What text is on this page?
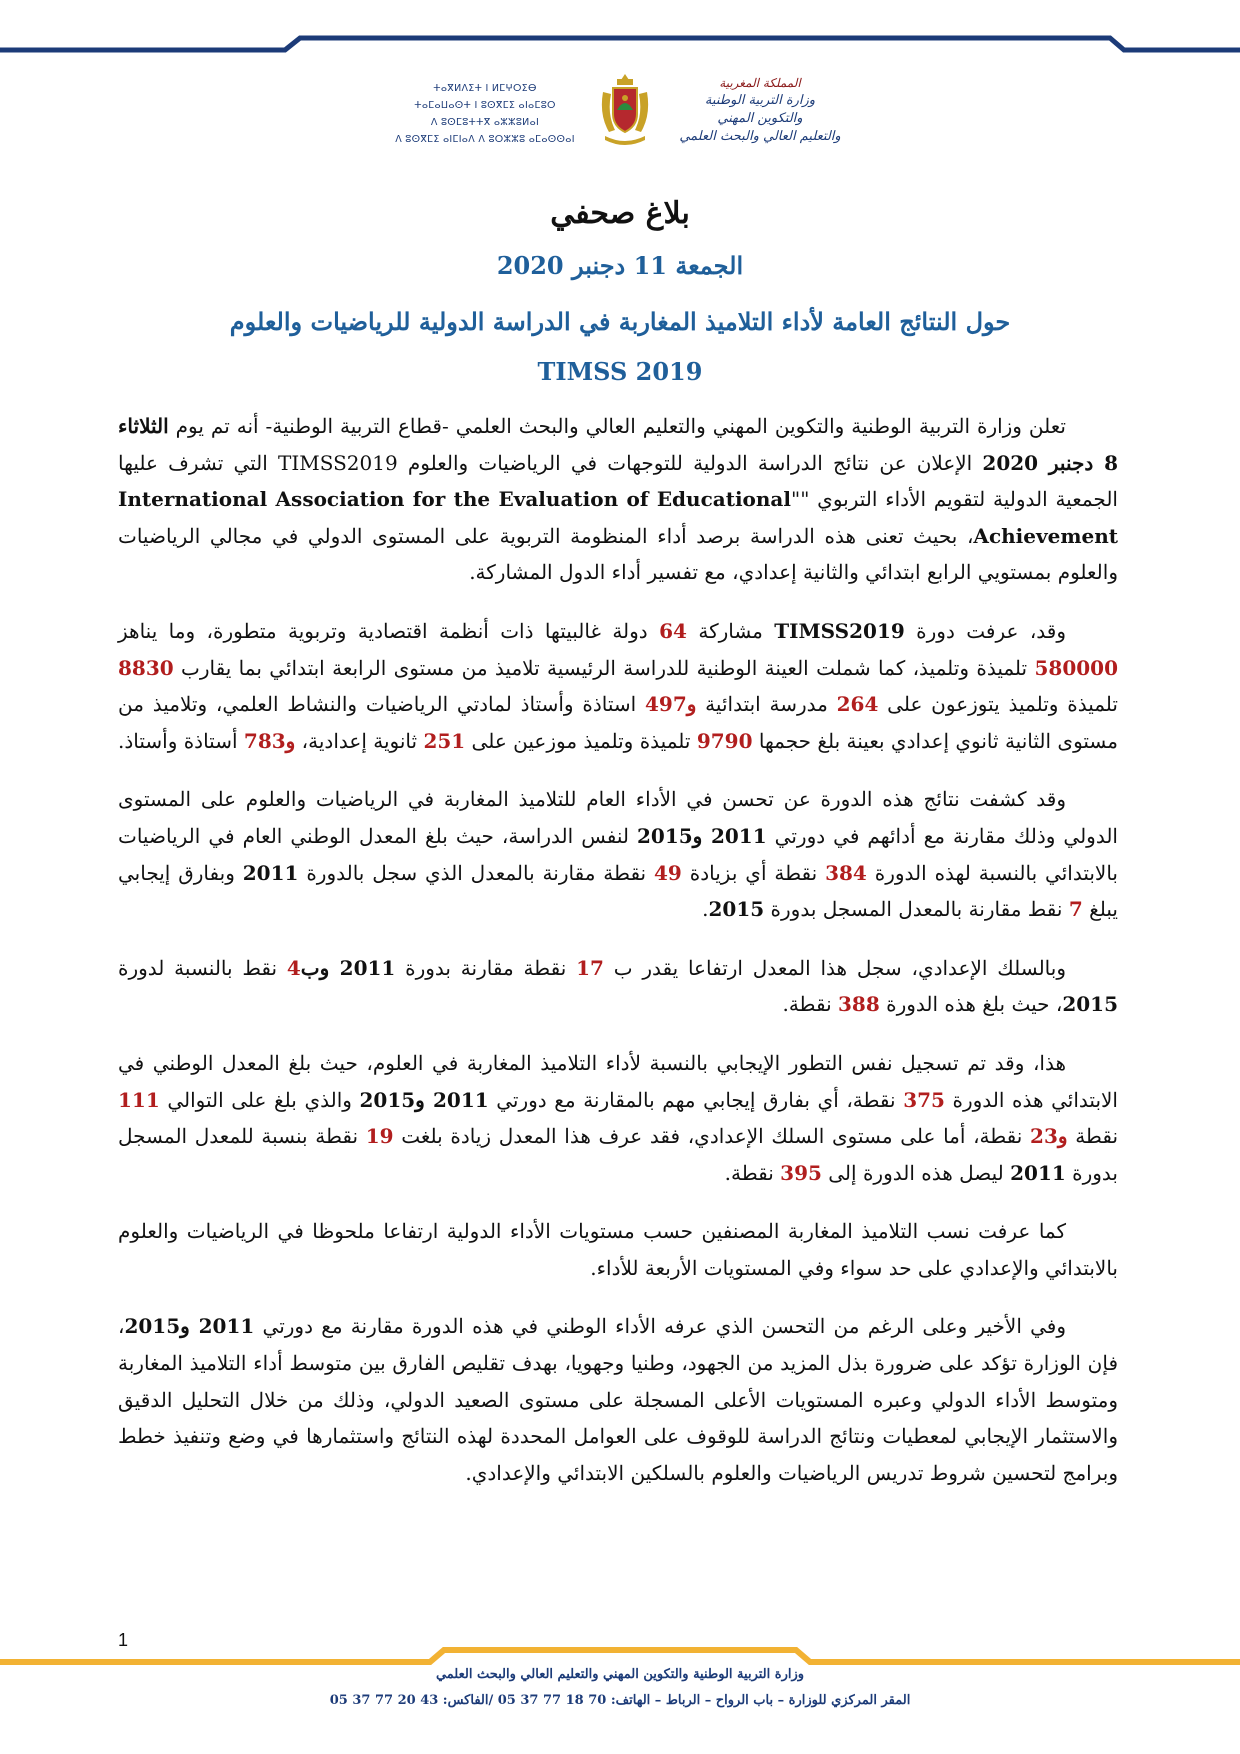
ⵜⴰⴳⵍⴷⵉⵜ ⵏ ⵍⵎⵖⵔⵉⴱ
ⵜⴰⵎⴰⵡⴰⵙⵜ ⵏ ⵓⵙⴳⵎⵉ ⴰⵏⴰⵎⵓⵔ
ⴷ ⵓⵙⵎⵓⵜⵜⴳ ⴰⵣⵣⵓⵍⴰⵏ
ⴷ ⵓⵙⴳⵎⵉ ⴰⵏⵎⵏⴰⴷ ⴷ ⵓⵔⵣⵣⵓ ⴰⵎⴰⵙⵙⴰⵏ
المملكة المغربية
وزارة التربية الوطنية
والتكوين المهني
والتعليم العالي والبحث العلمي
بلاغ صحفي
الجمعة 11 دجنبر 2020
حول النتائج العامة لأداء التلاميذ المغاربة في الدراسة الدولية للرياضيات والعلوم
TIMSS 2019

تعلن وزارة التربية الوطنية والتكوين المهني والتعليم العالي والبحث العلمي -قطاع التربية الوطنية- أنه تم يوم الثلاثاء 8 دجنبر 2020 الإعلان عن نتائج الدراسة الدولية للتوجهات في الرياضيات والعلوم TIMSS2019 التي تشرف عليها الجمعية الدولية لتقويم الأداء التربوي ""International Association for the Evaluation of Educational Achievement، بحيث تعنى هذه الدراسة برصد أداء المنظومة التربوية على المستوى الدولي في مجالي الرياضيات والعلوم بمستويي الرابع ابتدائي والثانية إعدادي، مع تفسير أداء الدول المشاركة.

وقد، عرفت دورة TIMSS2019 مشاركة 64 دولة غالبيتها ذات أنظمة اقتصادية وتربوية متطورة، وما يناهز 580000 تلميذة وتلميذ، كما شملت العينة الوطنية للدراسة الرئيسية تلاميذ من مستوى الرابعة ابتدائي بما يقارب 8830 تلميذة وتلميذ يتوزعون على 264 مدرسة ابتدائية و497 استاذة وأستاذ لمادتي الرياضيات والنشاط العلمي، وتلاميذ من مستوى الثانية ثانوي إعدادي بعينة بلغ حجمها 9790 تلميذة وتلميذ موزعين على 251 ثانوية إعدادية، و783 أستاذة وأستاذ.

وقد كشفت نتائج هذه الدورة عن تحسن في الأداء العام للتلاميذ المغاربة في الرياضيات والعلوم على المستوى الدولي وذلك مقارنة مع أدائهم في دورتي 2011 و2015 لنفس الدراسة، حيث بلغ المعدل الوطني العام في الرياضيات بالابتدائي بالنسبة لهذه الدورة 384 نقطة أي بزيادة 49 نقطة مقارنة بالمعدل الذي سجل بالدورة 2011 وبفارق إيجابي يبلغ 7 نقط مقارنة بالمعدل المسجل بدورة 2015.

وبالسلك الإعدادي، سجل هذا المعدل ارتفاعا يقدر ب 17 نقطة مقارنة بدورة 2011 وب4 نقط بالنسبة لدورة 2015، حيث بلغ هذه الدورة 388 نقطة.

هذا، وقد تم تسجيل نفس التطور الإيجابي بالنسبة لأداء التلاميذ المغاربة في العلوم، حيث بلغ المعدل الوطني في الابتدائي هذه الدورة 375 نقطة، أي بفارق إيجابي مهم بالمقارنة مع دورتي 2011 و2015 والذي بلغ على التوالي 111 نقطة و23 نقطة، أما على مستوى السلك الإعدادي، فقد عرف هذا المعدل زيادة بلغت 19 نقطة بنسبة للمعدل المسجل بدورة 2011 ليصل هذه الدورة إلى 395 نقطة.

كما عرفت نسب التلاميذ المغاربة المصنفين حسب مستويات الأداء الدولية ارتفاعا ملحوظا في الرياضيات والعلوم بالابتدائي والإعدادي على حد سواء وفي المستويات الأربعة للأداء.

وفي الأخير وعلى الرغم من التحسن الذي عرفه الأداء الوطني في هذه الدورة مقارنة مع دورتي 2011 و2015، فإن الوزارة تؤكد على ضرورة بذل المزيد من الجهود، وطنيا وجهويا، بهدف تقليص الفارق بين متوسط أداء التلاميذ المغاربة ومتوسط الأداء الدولي وعبره المستويات الأعلى المسجلة على مستوى الصعيد الدولي، وذلك من خلال التحليل الدقيق والاستثمار الإيجابي لمعطيات ونتائج الدراسة للوقوف على العوامل المحددة لهذه النتائج واستثمارها في وضع وتنفيذ خطط وبرامج لتحسين شروط تدريس الرياضيات والعلوم بالسلكين الابتدائي والإعدادي.

1
وزارة التربية الوطنية والتكوين المهني والتعليم العالي والبحث العلمي
المقر المركزي للوزارة – باب الرواح – الرباط – الهاتف: 70 18 77 37 05 /الفاكس: 43 20 77 37 05
